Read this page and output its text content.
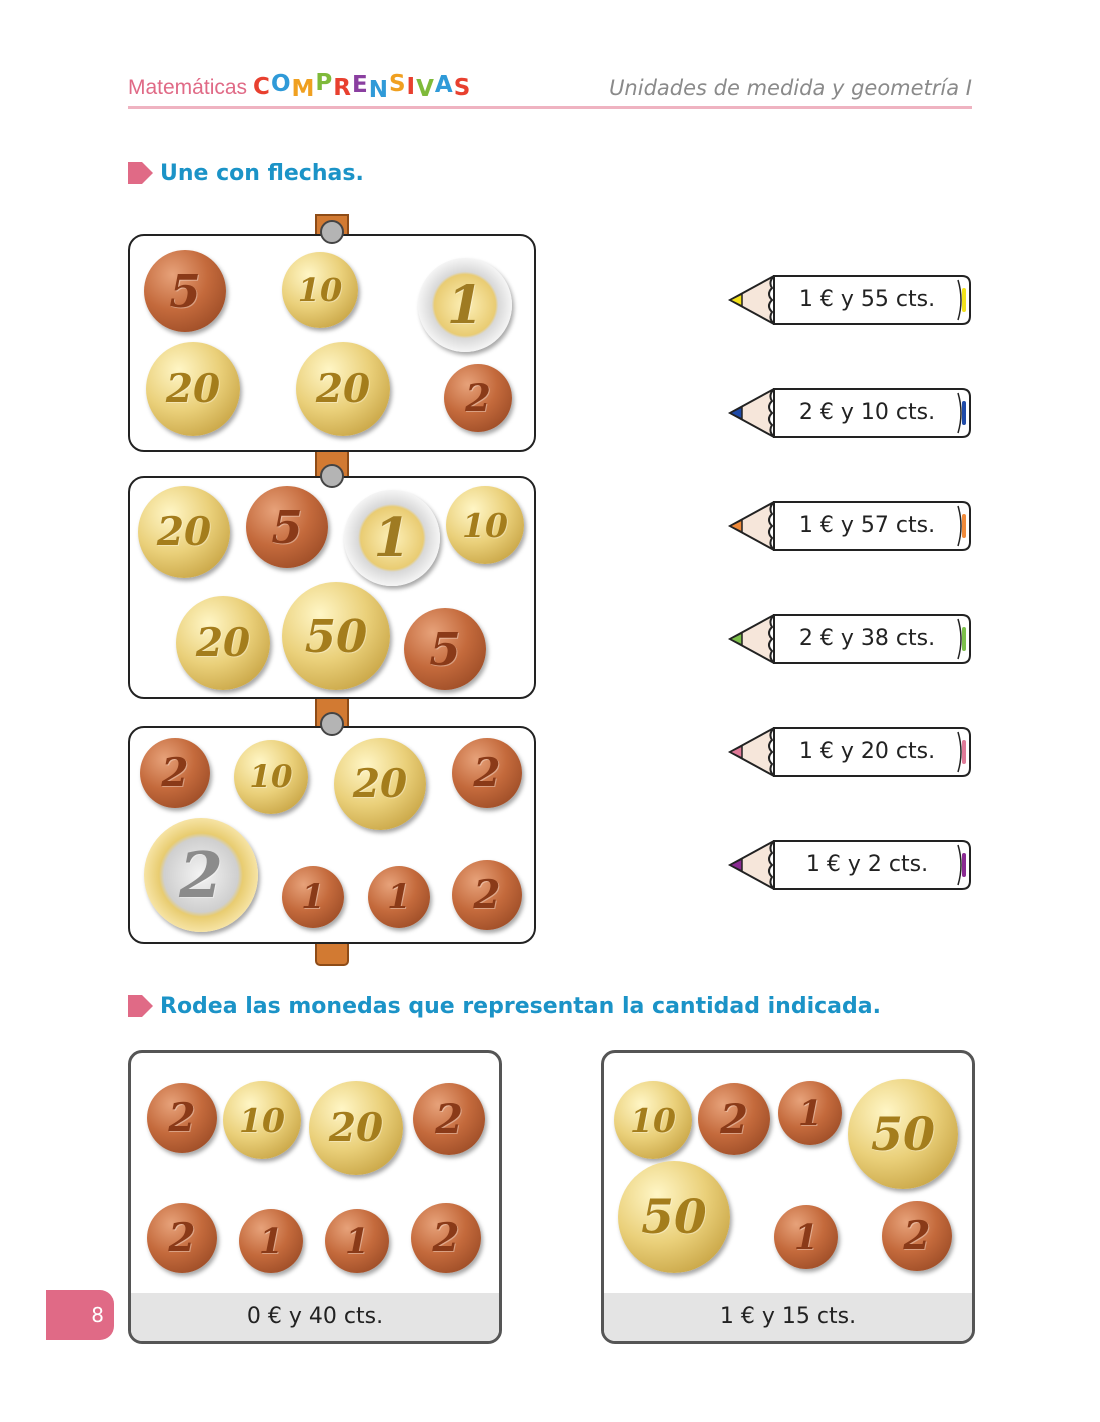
Matemáticas COMPRENSIVAS	Unidades de medida y geometría I
Une con flechas.
5	10 1
20 20	2
20 5 1 10
20 50 5
2 10 20 2
2 1 1 2
1 € y 55 cts.
2 € y 10 cts.
1 € y 57 cts.
2 € y 38 cts.
1 € y 20 cts.
1 € y 2 cts.
Rodea las monedas que representan la cantidad indicada.
0 € y 40 cts.
2 10 20 2
2 1 1 2
1 € y 15 cts.
10 2 1 50
50 1 2
8
